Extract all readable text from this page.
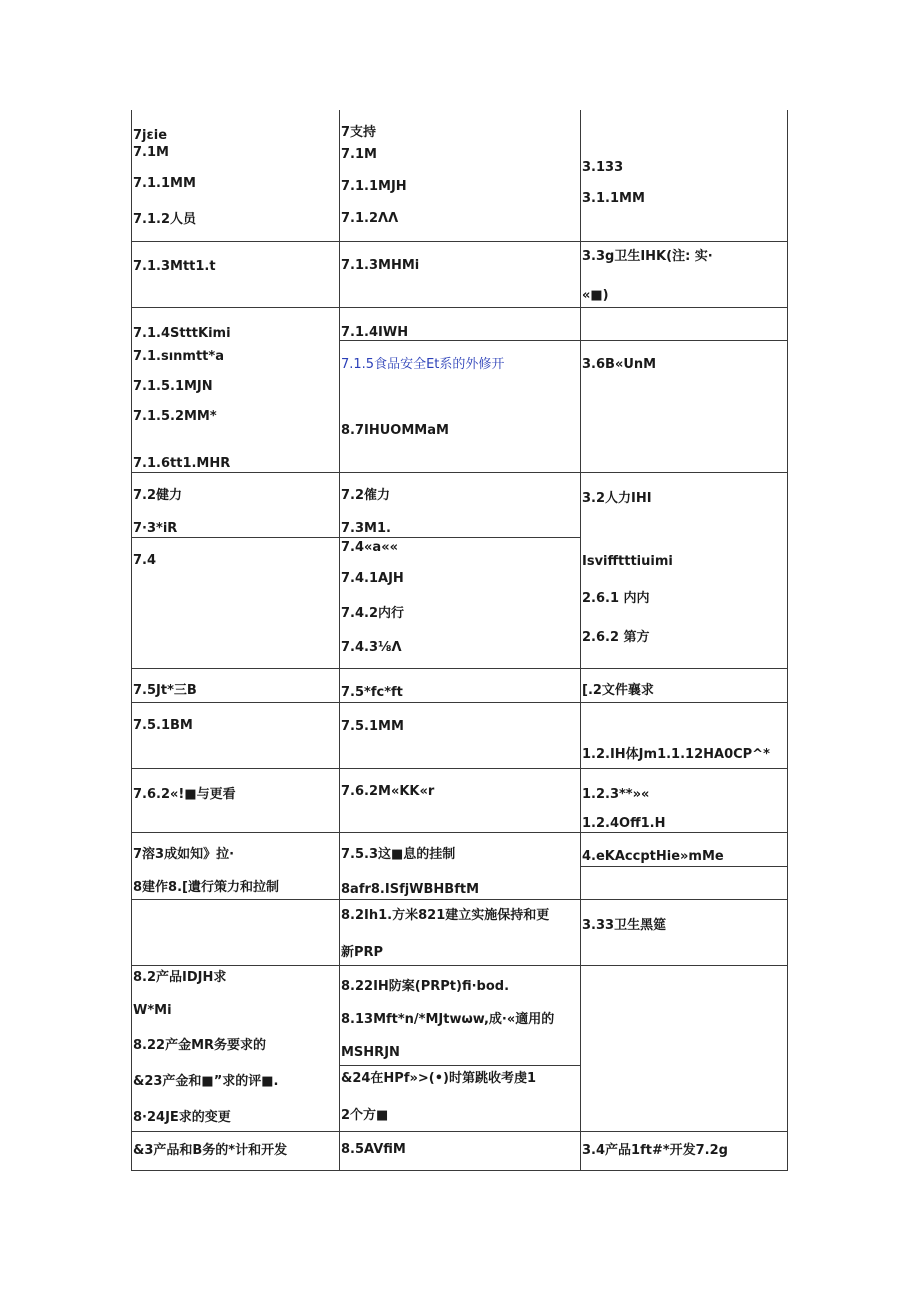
7jεie
7.1M
7.1.1MM
7.1.2人员
7.1.3Mtt1.t
7.1.4StttKimi
7.1.sınmtt*a
7.1.5.1MJN
7.1.5.2MM*
7.1.6tt1.MHR
7.2健力
7·3*iR
7.4
7.5Jt*三B
7.5.1BM
7.6.2«!■与更看
7溶3成如知》拉·
8建作8.[遺行策力和拉制
8.2产品IDJH求
W*Mi
8.22产金MR务要求的
&23产金和■”求的评■.
8·24JE求的变更
&3产品和B务的*计和开发
7支持
7.1M
7.1.1MJH
7.1.2ΛΛ
7.1.3MHMi
7.1.4IWH
7.1.5食品安全Et系的外修开
8.7IHUOMMaM
7.2傕力
7.3M1.
7.4«a««
7.4.1AJH
7.4.2内行
7.4.3⅛Λ
7.5*fc*ft
7.5.1MM
7.6.2M«KK«r
7.5.3这■息的挂制
8afr8.ISfjWBHBftM
8.2Ih1.方米821建立实施保持和更
新PRP
8.22IH防案(PRPt)fi·bod.
8.13Mft*n/*MJtwωw,成·«適用的
MSHRJN
&24在HPf»>(•)时第跳收考虔1
2个方■
8.5AVfiM
3.133
3.1.1MM
3.3g卫生IHK(注: 实·
«■)
3.6B«UnM
3.2人力IHI
Isvifftttiuimi
2.6.1 内内
2.6.2 第方
[.2文件襄求
1.2.IH体Jm1.1.12HA0CP^*
1.2.3**»«
1.2.4Off1.H
4.eKAccptHie»mMe
3.33卫生黑筵
3.4产品1ft#*开发7.2g
